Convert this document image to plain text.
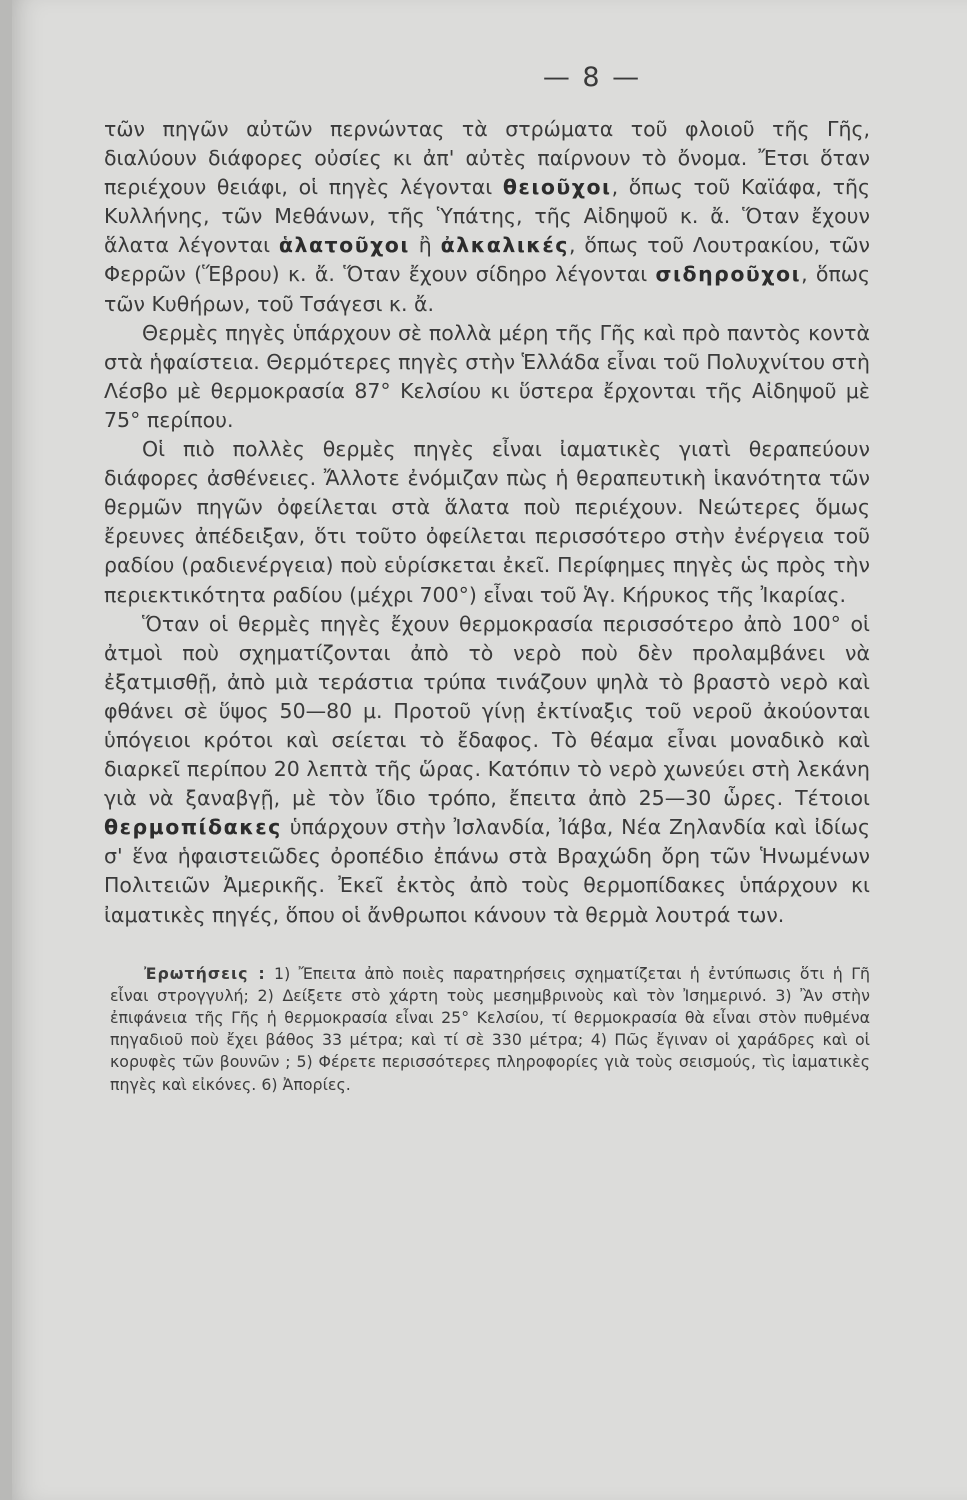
— 8 —

τῶν πηγῶν αὐτῶν περνώντας τὰ στρώματα τοῦ φλοιοῦ τῆς Γῆς, διαλύουν διάφορες οὐσίες κι ἀπ' αὐτὲς παίρνουν τὸ ὄνομα. Ἔτσι ὅταν περιέχουν θειάφι, οἱ πηγὲς λέγονται θειοῦχοι, ὅπως τοῦ Καϊάφα, τῆς Κυλλήνης, τῶν Μεθάνων, τῆς Ὑπάτης, τῆς Αἰδηψοῦ κ. ἄ. Ὅταν ἔχουν ἅλατα λέγονται ἁλατοῦχοι ἢ ἀλκαλικές, ὅπως τοῦ Λουτρακίου, τῶν Φερρῶν (Ἕβρου) κ. ἄ. Ὅταν ἔχουν σίδηρο λέγονται σιδηροῦχοι, ὅπως τῶν Κυθήρων, τοῦ Τσάγεσι κ. ἄ.

Θερμὲς πηγὲς ὑπάρχουν σὲ πολλὰ μέρη τῆς Γῆς καὶ πρὸ παντὸς κοντὰ στὰ ἡφαίστεια. Θερμότερες πηγὲς στὴν Ἑλλάδα εἶναι τοῦ Πολυχνίτου στὴ Λέσβο μὲ θερμοκρασία 87° Κελσίου κι ὕστερα ἔρχονται τῆς Αἰδηψοῦ μὲ 75° περίπου.

Οἱ πιὸ πολλὲς θερμὲς πηγὲς εἶναι ἰαματικὲς γιατὶ θεραπεύουν διάφορες ἀσθένειες. Ἄλλοτε ἐνόμιζαν πὼς ἡ θεραπευτικὴ ἱκανότητα τῶν θερμῶν πηγῶν ὀφείλεται στὰ ἅλατα ποὺ περιέχουν. Νεώτερες ὅμως ἔρευνες ἀπέδειξαν, ὅτι τοῦτο ὀφείλεται περισσότερο στὴν ἐνέργεια τοῦ ραδίου (ραδιενέργεια) ποὺ εὑρίσκεται ἐκεῖ. Περίφημες πηγὲς ὡς πρὸς τὴν περιεκτικότητα ραδίου (μέχρι 700°) εἶναι τοῦ Ἁγ. Κήρυκος τῆς Ἰκαρίας.

Ὅταν οἱ θερμὲς πηγὲς ἔχουν θερμοκρασία περισσότερο ἀπὸ 100° οἱ ἀτμοὶ ποὺ σχηματίζονται ἀπὸ τὸ νερὸ ποὺ δὲν προλαμβάνει νὰ ἐξατμισθῇ, ἀπὸ μιὰ τεράστια τρύπα τινάζουν ψηλὰ τὸ βραστὸ νερὸ καὶ φθάνει σὲ ὕψος 50—80 μ. Προτοῦ γίνῃ ἐκτίναξις τοῦ νεροῦ ἀκούονται ὑπόγειοι κρότοι καὶ σείεται τὸ ἔδαφος. Τὸ θέαμα εἶναι μοναδικὸ καὶ διαρκεῖ περίπου 20 λεπτὰ τῆς ὥρας. Κατόπιν τὸ νερὸ χωνεύει στὴ λεκάνη γιὰ νὰ ξαναβγῇ, μὲ τὸν ἴδιο τρόπο, ἔπειτα ἀπὸ 25—30 ὧρες. Τέτοιοι θερμοπίδακες ὑπάρχουν στὴν Ἰσλανδία, Ἰάβα, Νέα Ζηλανδία καὶ ἰδίως σ' ἕνα ἡφαιστειῶδες ὀροπέδιο ἐπάνω στὰ Βραχώδη ὄρη τῶν Ἡνωμένων Πολιτειῶν Ἀμερικῆς. Ἐκεῖ ἐκτὸς ἀπὸ τοὺς θερμοπίδακες ὑπάρχουν κι ἰαματικὲς πηγές, ὅπου οἱ ἄνθρωποι κάνουν τὰ θερμὰ λουτρά των.

Ἐρωτήσεις : 1) Ἔπειτα ἀπὸ ποιὲς παρατηρήσεις σχηματίζεται ἡ ἐντύπωσις ὅτι ἡ Γῆ εἶναι στρογγυλή; 2) Δείξετε στὸ χάρτη τοὺς μεσημβρινοὺς καὶ τὸν Ἰσημερινό. 3) Ἂν στὴν ἐπιφάνεια τῆς Γῆς ἡ θερμοκρασία εἶναι 25° Κελσίου, τί θερμοκρασία θὰ εἶναι στὸν πυθμένα πηγαδιοῦ ποὺ ἔχει βάθος 33 μέτρα; καὶ τί σὲ 330 μέτρα; 4) Πῶς ἔγιναν οἱ χαράδρες καὶ οἱ κορυφὲς τῶν βουνῶν ; 5) Φέρετε περισσότερες πληροφορίες γιὰ τοὺς σεισμούς, τὶς ἰαματικὲς πηγὲς καὶ εἰκόνες. 6) Ἀπορίες.
